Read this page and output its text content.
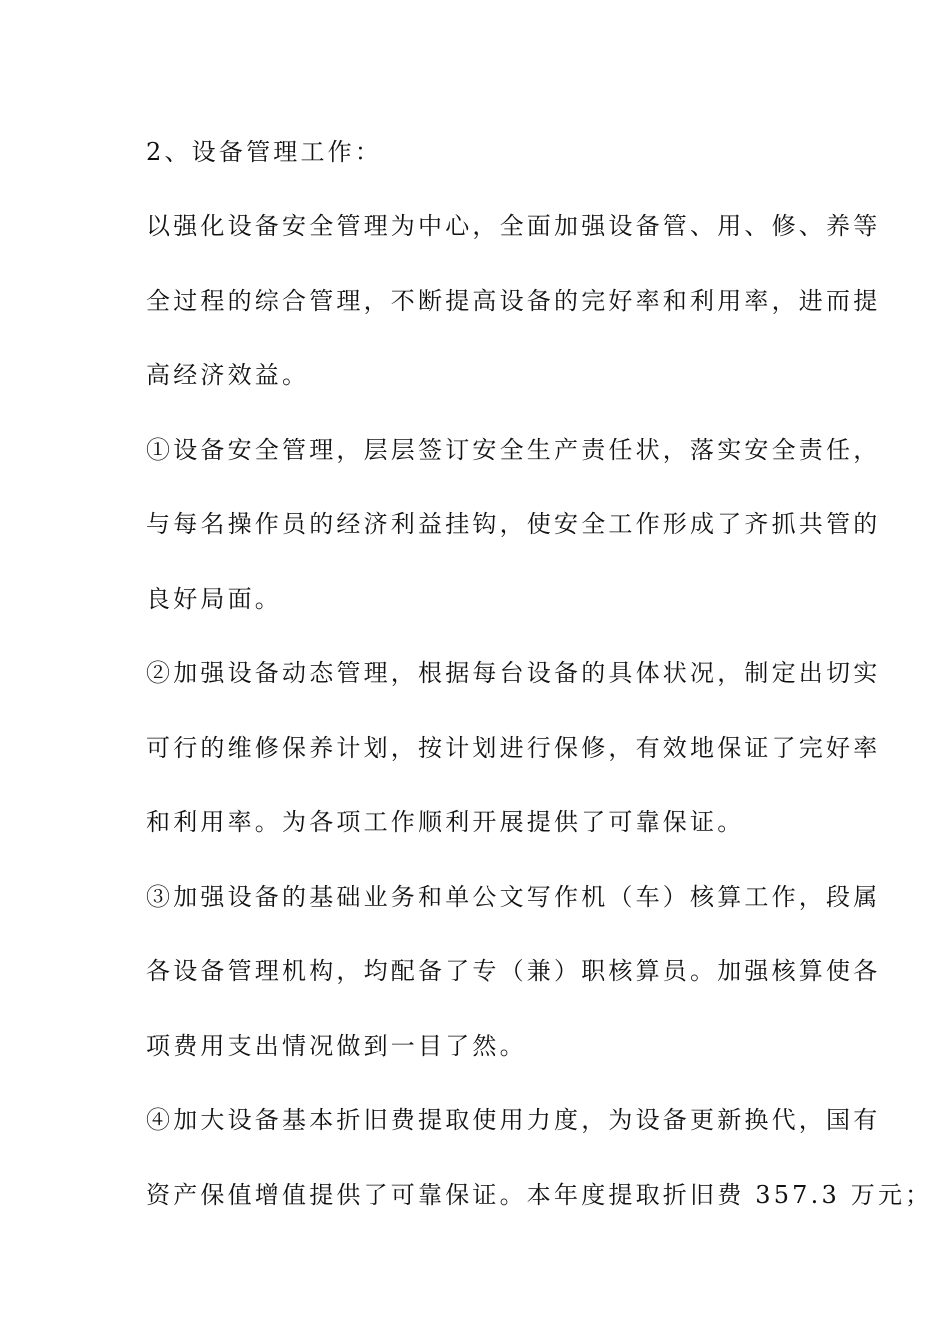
2、设备管理工作：
以强化设备安全管理为中心，全面加强设备管、用、修、养等
全过程的综合管理，不断提高设备的完好率和利用率，进而提
高经济效益。
①设备安全管理，层层签订安全生产责任状，落实安全责任，
与每名操作员的经济利益挂钩，使安全工作形成了齐抓共管的
良好局面。
②加强设备动态管理，根据每台设备的具体状况，制定出切实
可行的维修保养计划，按计划进行保修，有效地保证了完好率
和利用率。为各项工作顺利开展提供了可靠保证。
③加强设备的基础业务和单公文写作机（车）核算工作，段属
各设备管理机构，均配备了专（兼）职核算员。加强核算使各
项费用支出情况做到一目了然。
④加大设备基本折旧费提取使用力度，为设备更新换代，国有
资产保值增值提供了可靠保证。本年度提取折旧费 357.3 万元；
